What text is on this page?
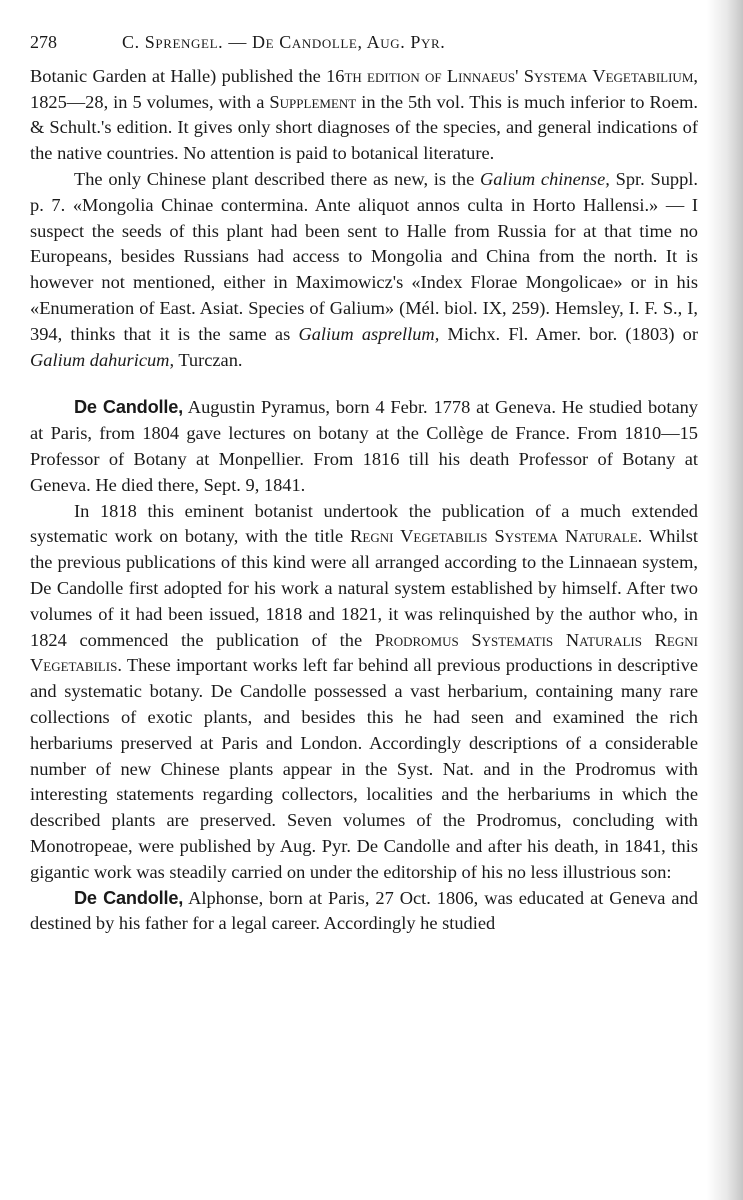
278	C. Sprengel. — De Candolle, Aug. Pyr.

Botanic Garden at Halle) published the 16th edition of Linnaeus' Systema Vegetabilium, 1825—28, in 5 volumes, with a Supplement in the 5th vol. This is much inferior to Roem. & Schult.'s edition. It gives only short diagnoses of the species, and general indications of the native countries. No attention is paid to botanical literature.

The only Chinese plant described there as new, is the Galium chinense, Spr. Suppl. p. 7. «Mongolia Chinae contermina. Ante aliquot annos culta in Horto Hallensi.» — I suspect the seeds of this plant had been sent to Halle from Russia for at that time no Europeans, besides Russians had access to Mongolia and China from the north. It is however not mentioned, either in Maximowicz's «Index Florae Mongolicae» or in his «Enumeration of East. Asiat. Species of Galium» (Mél. biol. IX, 259). Hemsley, I. F. S., I, 394, thinks that it is the same as Galium asprellum, Michx. Fl. Amer. bor. (1803) or Galium dahuricum, Turczan.

De Candolle, Augustin Pyramus, born 4 Febr. 1778 at Geneva. He studied botany at Paris, from 1804 gave lectures on botany at the Collège de France. From 1810—15 Professor of Botany at Monpellier. From 1816 till his death Professor of Botany at Geneva. He died there, Sept. 9, 1841.

In 1818 this eminent botanist undertook the publication of a much extended systematic work on botany, with the title Regni Vegetabilis Systema Naturale. Whilst the previous publications of this kind were all arranged according to the Linnaean system, De Candolle first adopted for his work a natural system established by himself. After two volumes of it had been issued, 1818 and 1821, it was relinquished by the author who, in 1824 commenced the publication of the Prodromus Systematis Naturalis Regni Vegetabilis. These important works left far behind all previous productions in descriptive and systematic botany. De Candolle possessed a vast herbarium, containing many rare collections of exotic plants, and besides this he had seen and examined the rich herbariums preserved at Paris and London. Accordingly descriptions of a considerable number of new Chinese plants appear in the Syst. Nat. and in the Prodromus with interesting statements regarding collectors, localities and the herbariums in which the described plants are preserved. Seven volumes of the Prodromus, concluding with Monotropeae, were published by Aug. Pyr. De Candolle and after his death, in 1841, this gigantic work was steadily carried on under the editorship of his no less illustrious son:

De Candolle, Alphonse, born at Paris, 27 Oct. 1806, was educated at Geneva and destined by his father for a legal career. Accordingly he studied
